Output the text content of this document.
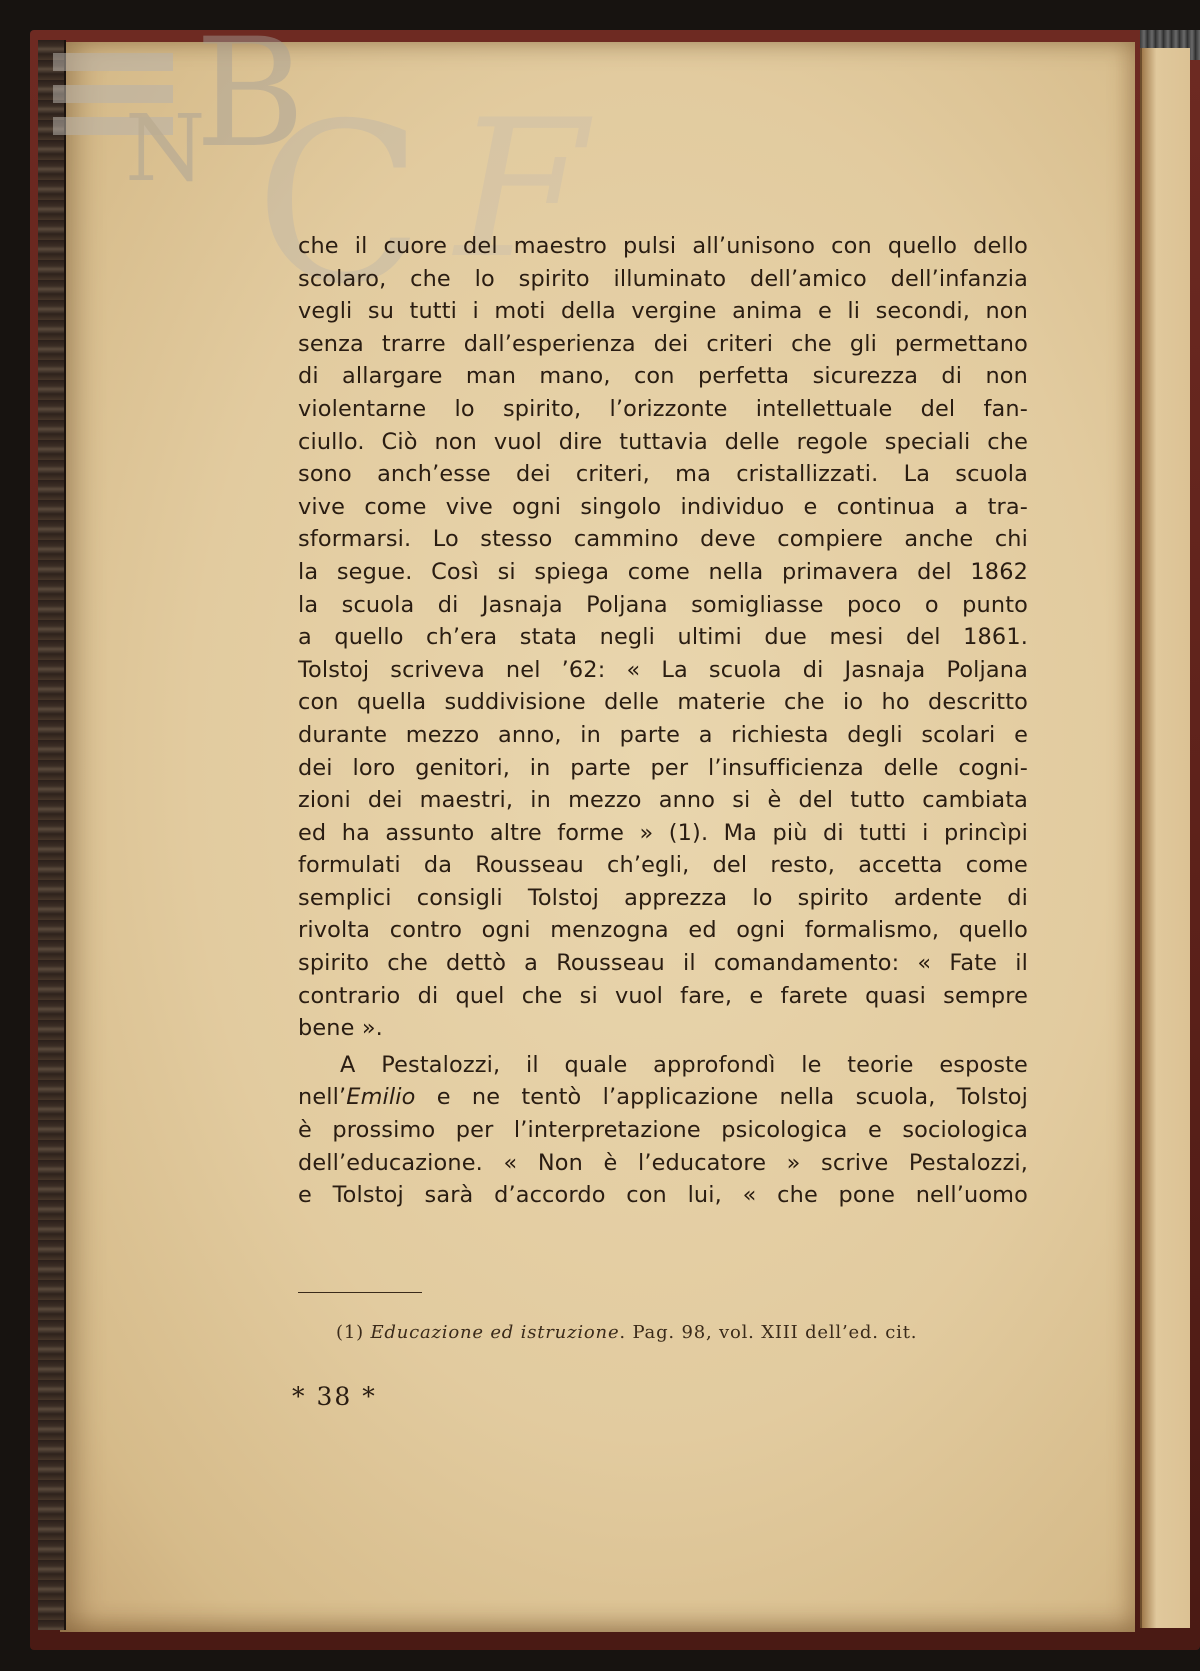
B
N C F
che il cuore del maestro pulsi all’unisono con quello dello
scolaro, che lo spirito illuminato dell’amico dell’infanzia
vegli su tutti i moti della vergine anima e li secondi, non
senza trarre dall’esperienza dei criteri che gli permettano
di allargare man mano, con perfetta sicurezza di non
violentarne lo spirito, l’orizzonte intellettuale del fan-
ciullo. Ciò non vuol dire tuttavia delle regole speciali che
sono anch’esse dei criteri, ma cristallizzati. La scuola
vive come vive ogni singolo individuo e continua a tra-
sformarsi. Lo stesso cammino deve compiere anche chi
la segue. Così si spiega come nella primavera del 1862
la scuola di Jasnaja Poljana somigliasse poco o punto
a quello ch’era stata negli ultimi due mesi del 1861.
Tolstoj scriveva nel ’62: « La scuola di Jasnaja Poljana
con quella suddivisione delle materie che io ho descritto
durante mezzo anno, in parte a richiesta degli scolari e
dei loro genitori, in parte per l’insufficienza delle cogni-
zioni dei maestri, in mezzo anno si è del tutto cambiata
ed ha assunto altre forme » (1). Ma più di tutti i princìpi
formulati da Rousseau ch’egli, del resto, accetta come
semplici consigli Tolstoj apprezza lo spirito ardente di
rivolta contro ogni menzogna ed ogni formalismo, quello
spirito che dettò a Rousseau il comandamento: « Fate il
contrario di quel che si vuol fare, e farete quasi sempre
bene ».
A Pestalozzi, il quale approfondì le teorie esposte
nell’Emilio e ne tentò l’applicazione nella scuola, Tolstoj
è prossimo per l’interpretazione psicologica e sociologica
dell’educazione. « Non è l’educatore » scrive Pestalozzi,
e Tolstoj sarà d’accordo con lui, « che pone nell’uomo
(1) Educazione ed istruzione. Pag. 98, vol. XIII dell’ed. cit.
* 38 *
